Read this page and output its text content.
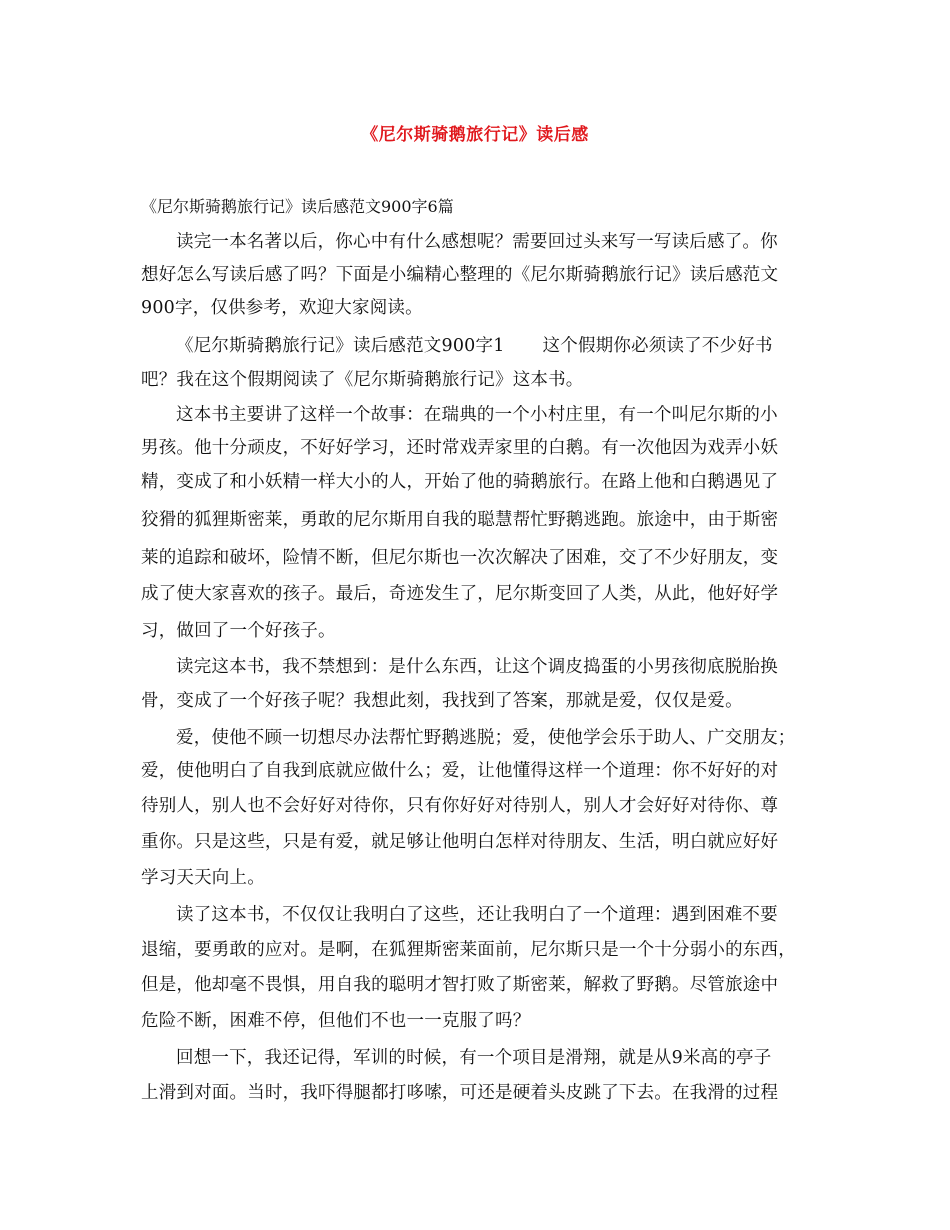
《尼尔斯骑鹅旅行记》读后感
《尼尔斯骑鹅旅行记》读后感范文900字6篇
读完一本名著以后，你心中有什么感想呢？需要回过头来写一写读后感了。你
想好怎么写读后感了吗？下面是小编精心整理的《尼尔斯骑鹅旅行记》读后感范文
900字，仅供参考，欢迎大家阅读。
《尼尔斯骑鹅旅行记》读后感范文900字1 这个假期你必须读了不少好书
吧？我在这个假期阅读了《尼尔斯骑鹅旅行记》这本书。
这本书主要讲了这样一个故事：在瑞典的一个小村庄里，有一个叫尼尔斯的小
男孩。他十分顽皮，不好好学习，还时常戏弄家里的白鹅。有一次他因为戏弄小妖
精，变成了和小妖精一样大小的人，开始了他的骑鹅旅行。在路上他和白鹅遇见了
狡猾的狐狸斯密莱，勇敢的尼尔斯用自我的聪慧帮忙野鹅逃跑。旅途中，由于斯密
莱的追踪和破坏，险情不断，但尼尔斯也一次次解决了困难，交了不少好朋友，变
成了使大家喜欢的孩子。最后，奇迹发生了，尼尔斯变回了人类，从此，他好好学
习，做回了一个好孩子。
读完这本书，我不禁想到：是什么东西，让这个调皮捣蛋的小男孩彻底脱胎换
骨，变成了一个好孩子呢？我想此刻，我找到了答案，那就是爱，仅仅是爱。
爱，使他不顾一切想尽办法帮忙野鹅逃脱；爱，使他学会乐于助人、广交朋友；
爱，使他明白了自我到底就应做什么；爱，让他懂得这样一个道理：你不好好的对
待别人，别人也不会好好对待你，只有你好好对待别人，别人才会好好对待你、尊
重你。只是这些，只是有爱，就足够让他明白怎样对待朋友、生活，明白就应好好
学习天天向上。
读了这本书，不仅仅让我明白了这些，还让我明白了一个道理：遇到困难不要
退缩，要勇敢的应对。是啊，在狐狸斯密莱面前，尼尔斯只是一个十分弱小的东西，
但是，他却毫不畏惧，用自我的聪明才智打败了斯密莱，解救了野鹅。尽管旅途中
危险不断，困难不停，但他们不也一一克服了吗？
回想一下，我还记得，军训的时候，有一个项目是滑翔，就是从9米高的亭子
上滑到对面。当时，我吓得腿都打哆嗦，可还是硬着头皮跳了下去。在我滑的过程
